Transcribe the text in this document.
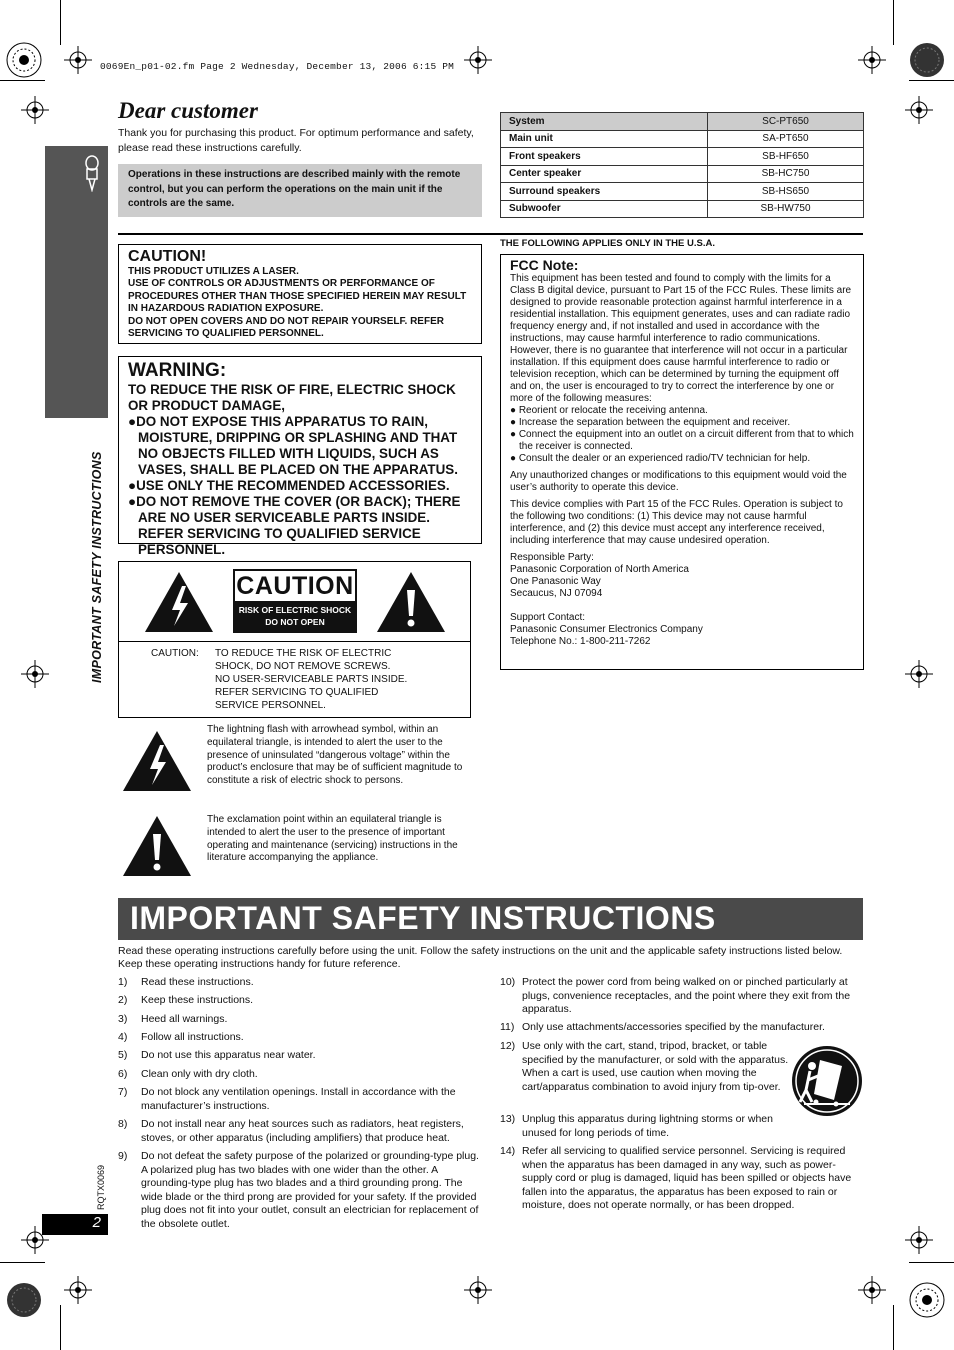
0069En_p01-02.fm Page 2 Wednesday, December 13, 2006 6:15 PM
IMPORTANT SAFETY INSTRUCTIONS
Dear customer
Thank you for purchasing this product. For optimum performance and safety, please read these instructions carefully.

Operations in these instructions are described mainly with the remote control, but you can perform the operations on the main unit if the controls are the same.

System	SC-PT650
Main unit	SA-PT650
Front speakers	SB-HF650
Center speaker	SB-HC750
Surround speakers	SB-HS650
Subwoofer	SB-HW750
CAUTION!

THIS PRODUCT UTILIZES A LASER.

USE OF CONTROLS OR ADJUSTMENTS OR PERFORMANCE OF PROCEDURES OTHER THAN THOSE SPECIFIED HEREIN MAY RESULT IN HAZARDOUS RADIATION EXPOSURE.

DO NOT OPEN COVERS AND DO NOT REPAIR YOURSELF. REFER SERVICING TO QUALIFIED PERSONNEL.

WARNING:

TO REDUCE THE RISK OF FIRE, ELECTRIC SHOCK OR PRODUCT DAMAGE,

●DO NOT EXPOSE THIS APPARATUS TO RAIN, MOISTURE, DRIPPING OR SPLASHING AND THAT NO OBJECTS FILLED WITH LIQUIDS, SUCH AS VASES, SHALL BE PLACED ON THE APPARATUS.

●USE ONLY THE RECOMMENDED ACCESSORIES.

●DO NOT REMOVE THE COVER (OR BACK); THERE ARE NO USER SERVICEABLE PARTS INSIDE. REFER SERVICING TO QUALIFIED SERVICE PERSONNEL.

CAUTION
RISK OF ELECTRIC SHOCK
DO NOT OPEN
CAUTION: TO REDUCE THE RISK OF ELECTRIC
SHOCK, DO NOT REMOVE SCREWS.
NO USER-SERVICEABLE PARTS INSIDE.
REFER SERVICING TO QUALIFIED
SERVICE PERSONNEL.
The lightning flash with arrowhead symbol, within an equilateral triangle, is intended to alert the user to the presence of uninsulated “dangerous voltage” within the product’s enclosure that may be of sufficient magnitude to constitute a risk of electric shock to persons.
The exclamation point within an equilateral triangle is intended to alert the user to the presence of important operating and maintenance (servicing) instructions in the literature accompanying the appliance.
THE FOLLOWING APPLIES ONLY IN THE U.S.A.
FCC Note:

This equipment has been tested and found to comply with the limits for a Class B digital device, pursuant to Part 15 of the FCC Rules. These limits are designed to provide reasonable protection against harmful interference in a residential installation. This equipment generates, uses and can radiate radio frequency energy and, if not installed and used in accordance with the instructions, may cause harmful interference to radio communications. However, there is no guarantee that interference will not occur in a particular installation. If this equipment does cause harmful interference to radio or television reception, which can be determined by turning the equipment off and on, the user is encouraged to try to correct the interference by one or more of the following measures:

● Reorient or relocate the receiving antenna.
● Increase the separation between the equipment and receiver.
● Connect the equipment into an outlet on a circuit different from that to which the receiver is connected.
● Consult the dealer or an experienced radio/TV technician for help.

Any unauthorized changes or modifications to this equipment would void the user’s authority to operate this device.

This device complies with Part 15 of the FCC Rules. Operation is subject to the following two conditions: (1) This device may not cause harmful interference, and (2) this device must accept any interference received, including interference that may cause undesired operation.

Responsible Party:
Panasonic Corporation of North America
One Panasonic Way
Secaucus, NJ 07094
Support Contact:
Panasonic Consumer Electronics Company
Telephone No.: 1-800-211-7262
IMPORTANT SAFETY INSTRUCTIONS
Read these operating instructions carefully before using the unit. Follow the safety instructions on the unit and the applicable safety instructions listed below. Keep these operating instructions handy for future reference.
1) Read these instructions.
2) Keep these instructions.
3) Heed all warnings.
4) Follow all instructions.
5) Do not use this apparatus near water.
6) Clean only with dry cloth.
7) Do not block any ventilation openings. Install in accordance with the manufacturer’s instructions.
8) Do not install near any heat sources such as radiators, heat registers, stoves, or other apparatus (including amplifiers) that produce heat.
9) Do not defeat the safety purpose of the polarized or grounding-type plug. A polarized plug has two blades with one wider than the other. A grounding-type plug has two blades and a third grounding prong. The wide blade or the third prong are provided for your safety. If the provided plug does not fit into your outlet, consult an electrician for replacement of the obsolete outlet.
10) Protect the power cord from being walked on or pinched particularly at plugs, convenience receptacles, and the point where they exit from the apparatus.
11) Only use attachments/accessories specified by the manufacturer.
12) Use only with the cart, stand, tripod, bracket, or table specified by the manufacturer, or sold with the apparatus. When a cart is used, use caution when moving the cart/apparatus combination to avoid injury from tip-over.
13) Unplug this apparatus during lightning storms or when unused for long periods of time.
14) Refer all servicing to qualified service personnel. Servicing is required when the apparatus has been damaged in any way, such as power-supply cord or plug is damaged, liquid has been spilled or objects have fallen into the apparatus, the apparatus has been exposed to rain or moisture, does not operate normally, or has been dropped.
RQTX0069
2
